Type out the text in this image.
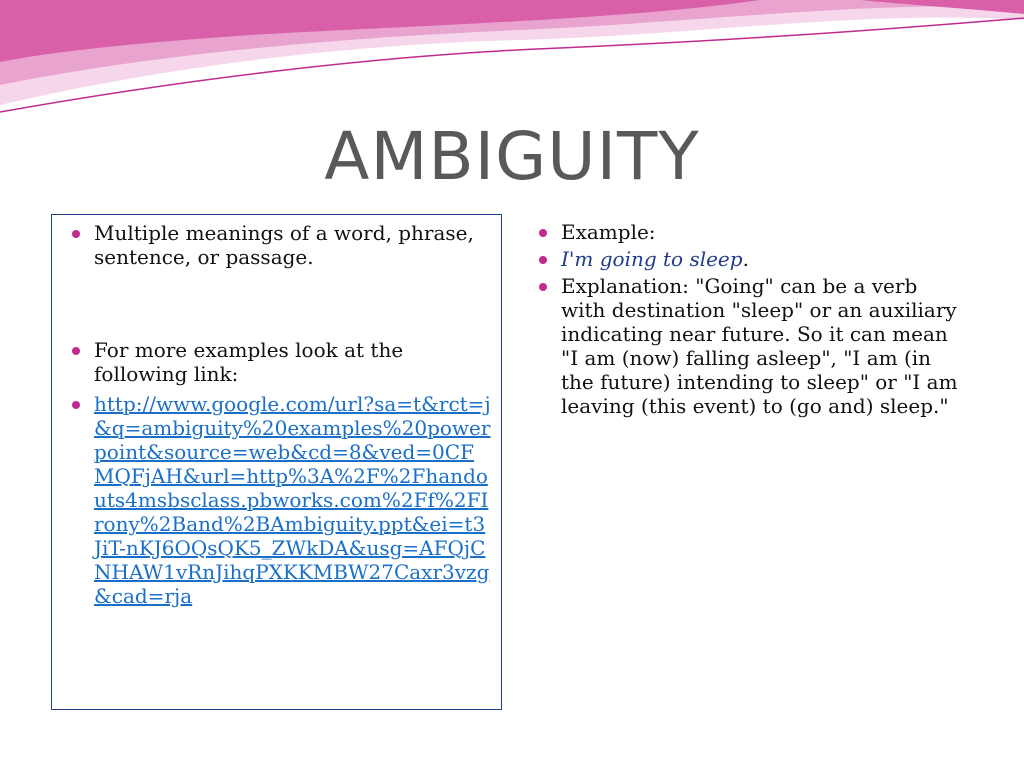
AMBIGUITY
Multiple meanings of a word, phrase, sentence, or passage.
For more examples look at the following link:
http://www.google.com/url?sa=t&rct=j&q=ambiguity%20examples%20powerpoint&source=web&cd=8&ved=0CFMQFjAH&url=http%3A%2F%2Fhandouts4msbsclass.pbworks.com%2Ff%2FIrony%2Band%2BAmbiguity.ppt&ei=t3JiT-nKJ6OQsQK5_ZWkDA&usg=AFQjCNHAW1vRnJihqPXKKMBW27Caxr3vzg&cad=rja
Example:
I'm going to sleep.
Explanation: "Going" can be a verb with destination "sleep" or an auxiliary indicating near future. So it can mean "I am (now) falling asleep", "I am (in the future) intending to sleep" or "I am leaving (this event) to (go and) sleep."
